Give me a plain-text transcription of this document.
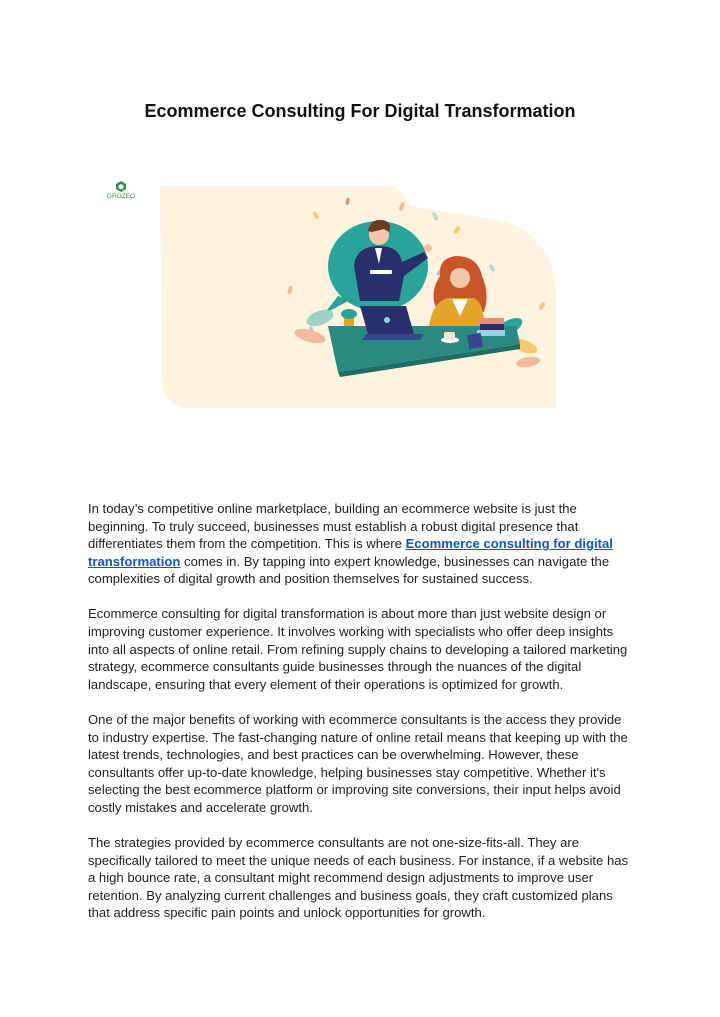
Ecommerce Consulting For Digital Transformation
GROZEO

In today’s competitive online marketplace, building an ecommerce website is just the beginning. To truly succeed, businesses must establish a robust digital presence that differentiates them from the competition. This is where Ecommerce consulting for digital transformation comes in. By tapping into expert knowledge, businesses can navigate the complexities of digital growth and position themselves for sustained success.

Ecommerce consulting for digital transformation is about more than just website design or improving customer experience. It involves working with specialists who offer deep insights into all aspects of online retail. From refining supply chains to developing a tailored marketing strategy, ecommerce consultants guide businesses through the nuances of the digital landscape, ensuring that every element of their operations is optimized for growth.

One of the major benefits of working with ecommerce consultants is the access they provide to industry expertise. The fast-changing nature of online retail means that keeping up with the latest trends, technologies, and best practices can be overwhelming. However, these consultants offer up-to-date knowledge, helping businesses stay competitive. Whether it's selecting the best ecommerce platform or improving site conversions, their input helps avoid costly mistakes and accelerate growth.

The strategies provided by ecommerce consultants are not one-size-fits-all. They are specifically tailored to meet the unique needs of each business. For instance, if a website has a high bounce rate, a consultant might recommend design adjustments to improve user retention. By analyzing current challenges and business goals, they craft customized plans that address specific pain points and unlock opportunities for growth.
